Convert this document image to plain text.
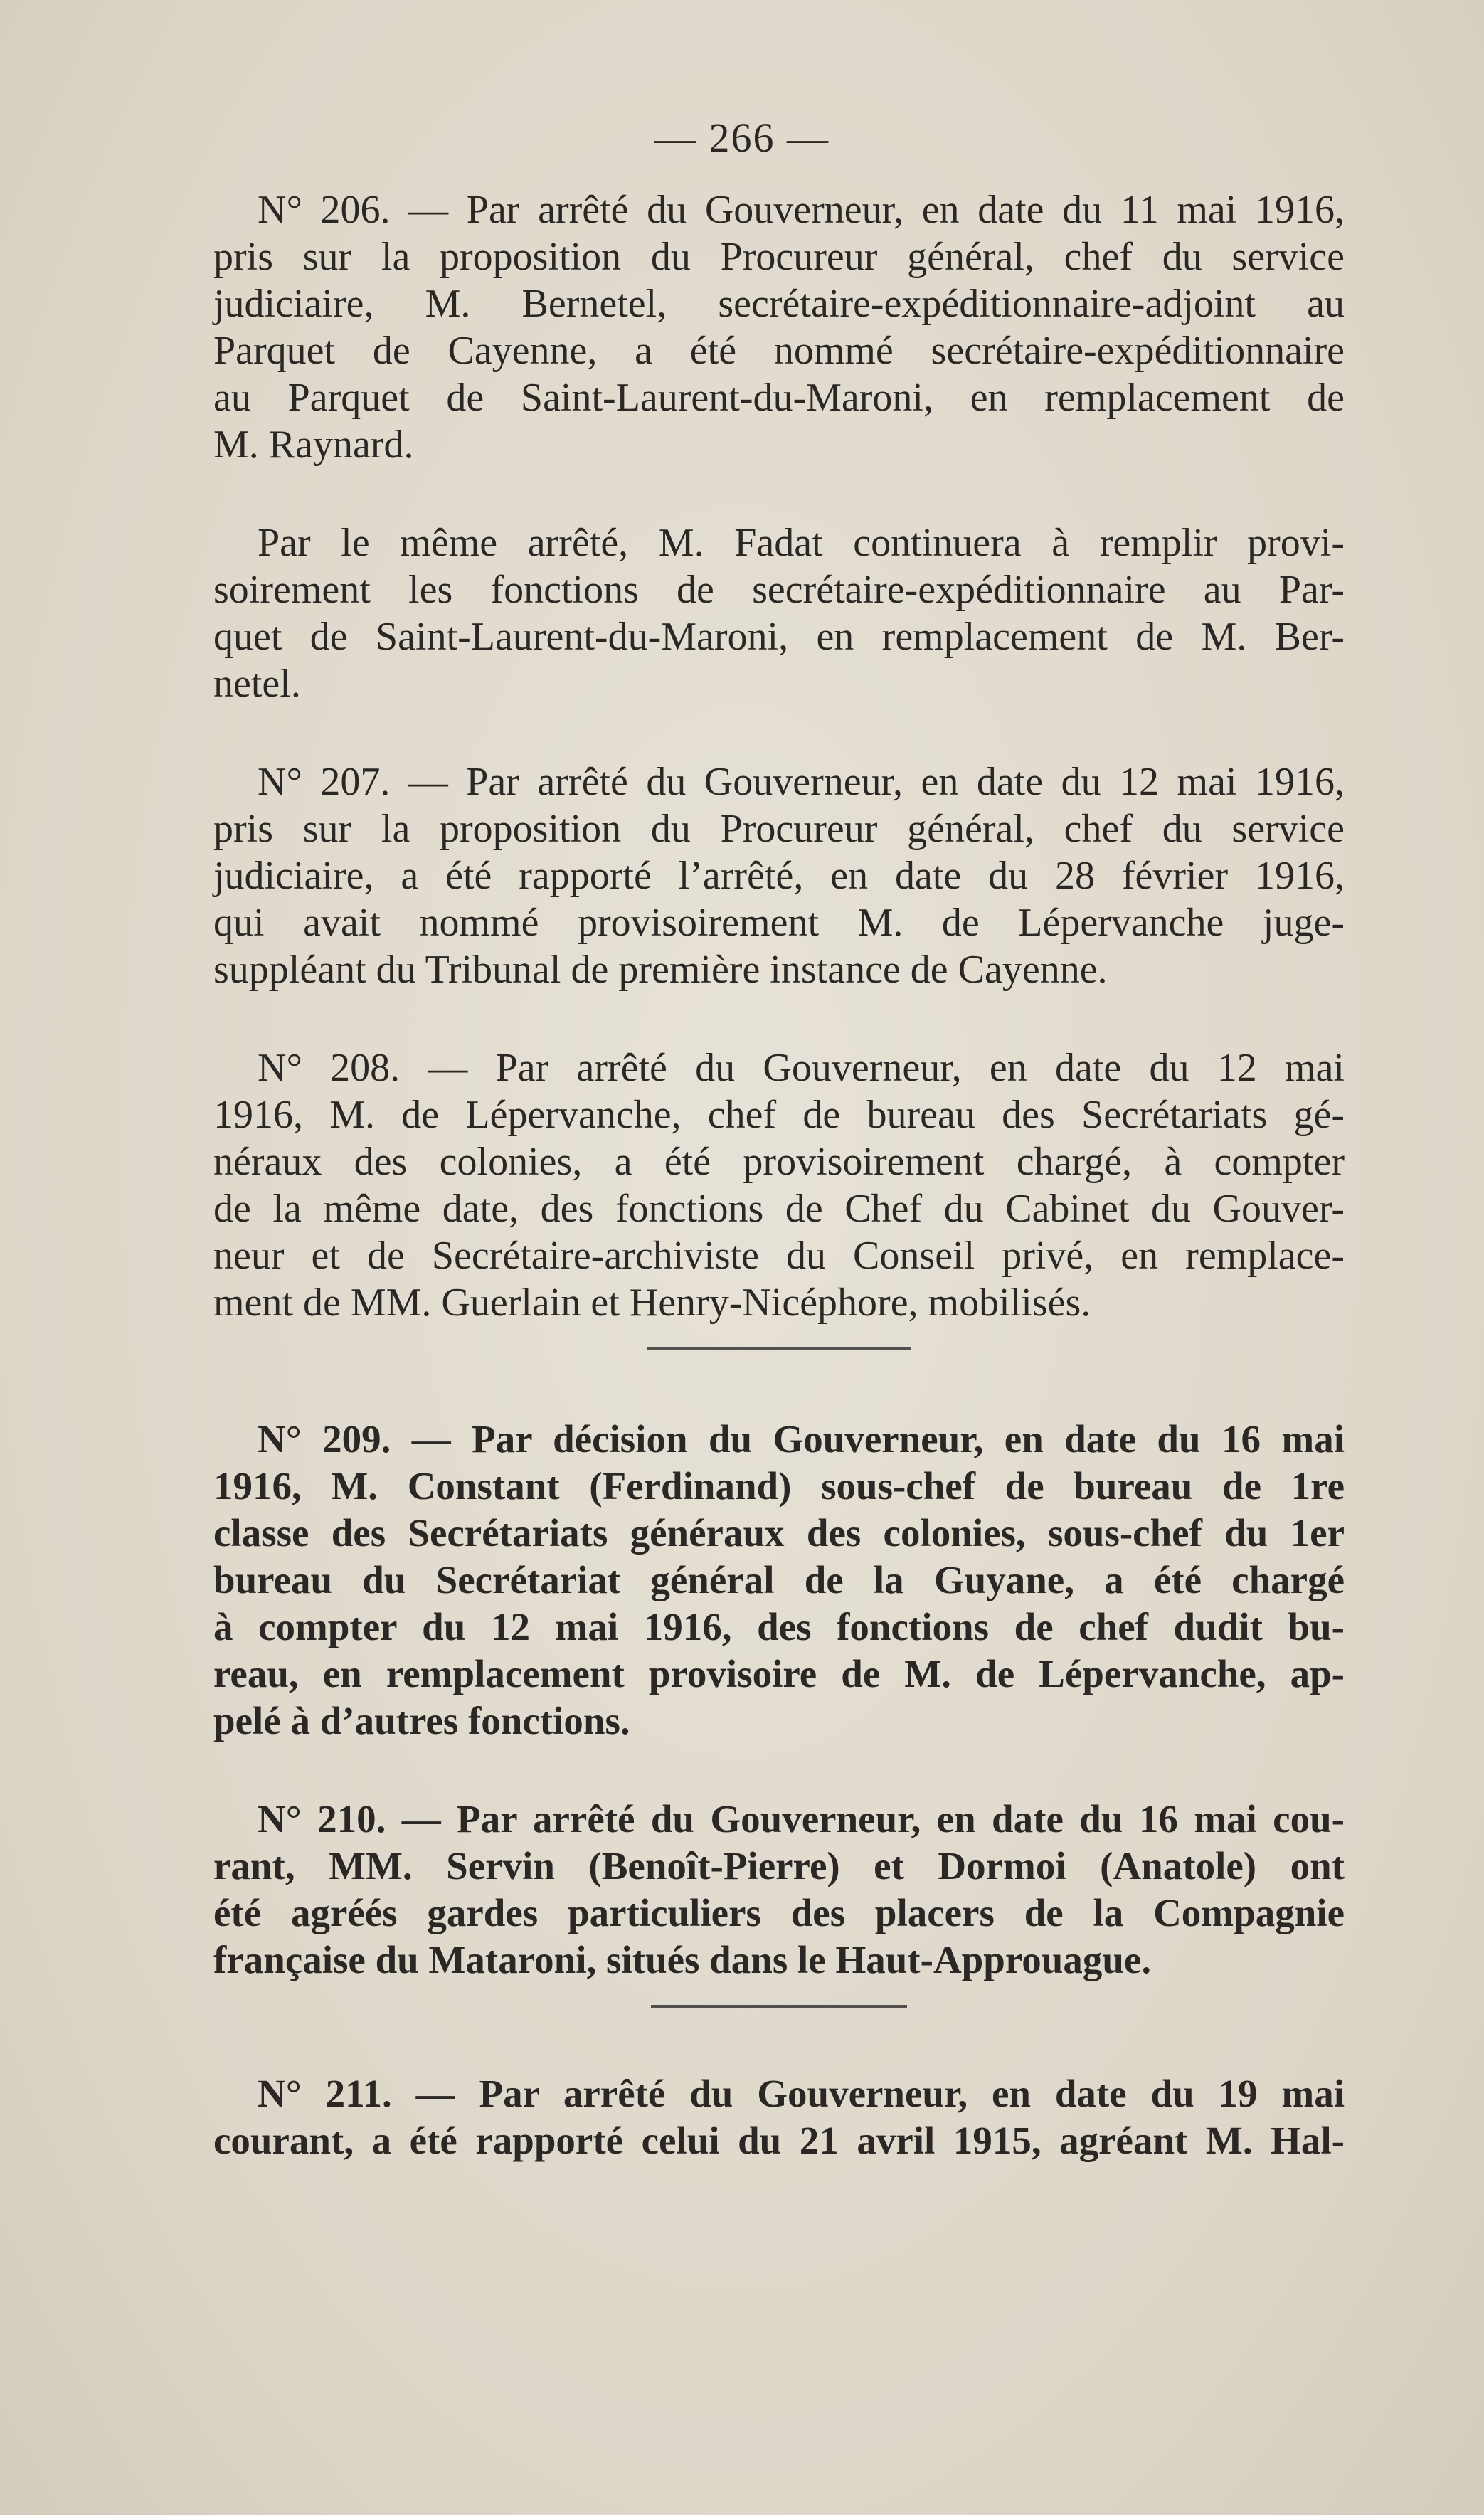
— 266 —

N° 206. — Par arrêté du Gouverneur, en date du 11 mai 1916,
pris sur la proposition du Procureur général, chef du service
judiciaire, M. Bernetel, secrétaire-expéditionnaire-adjoint au
Parquet de Cayenne, a été nommé secrétaire-expéditionnaire
au Parquet de Saint-Laurent-du-Maroni, en remplacement de
M. Raynard.

Par le même arrêté, M. Fadat continuera à remplir provi-
soirement les fonctions de secrétaire-expéditionnaire au Par-
quet de Saint-Laurent-du-Maroni, en remplacement de M. Ber-
netel.

N° 207. — Par arrêté du Gouverneur, en date du 12 mai 1916,
pris sur la proposition du Procureur général, chef du service
judiciaire, a été rapporté l’arrêté, en date du 28 février 1916,
qui avait nommé provisoirement M. de Lépervanche juge-
suppléant du Tribunal de première instance de Cayenne.

N° 208. — Par arrêté du Gouverneur, en date du 12 mai
1916, M. de Lépervanche, chef de bureau des Secrétariats gé-
néraux des colonies, a été provisoirement chargé, à compter
de la même date, des fonctions de Chef du Cabinet du Gouver-
neur et de Secrétaire-archiviste du Conseil privé, en remplace-
ment de MM. Guerlain et Henry-Nicéphore, mobilisés.

N° 209. — Par décision du Gouverneur, en date du 16 mai
1916, M. Constant (Ferdinand) sous-chef de bureau de 1re
classe des Secrétariats généraux des colonies, sous-chef du 1er
bureau du Secrétariat général de la Guyane, a été chargé
à compter du 12 mai 1916, des fonctions de chef dudit bu-
reau, en remplacement provisoire de M. de Lépervanche, ap-
pelé à d’autres fonctions.

N° 210. — Par arrêté du Gouverneur, en date du 16 mai cou-
rant, MM. Servin (Benoît-Pierre) et Dormoi (Anatole) ont
été agréés gardes particuliers des placers de la Compagnie
française du Mataroni, situés dans le Haut-Approuague.

N° 211. — Par arrêté du Gouverneur, en date du 19 mai
courant, a été rapporté celui du 21 avril 1915, agréant M. Hal-
